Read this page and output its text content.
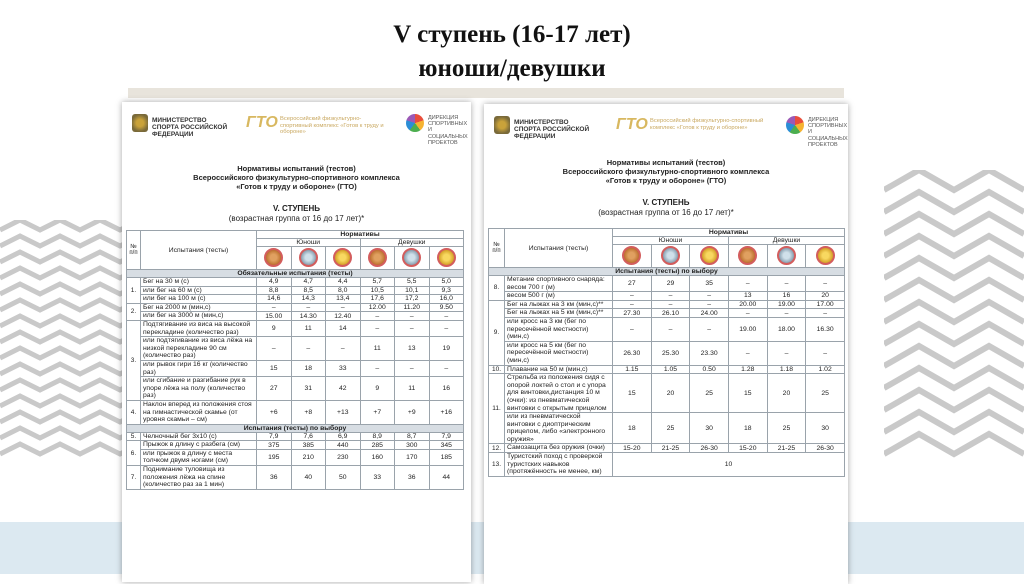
V ступень (16-17 лет)
юноши/девушки
МИНИСТЕРСТВО СПОРТА РОССИЙСКОЙ ФЕДЕРАЦИИ
ГТО Всероссийский физкультурно-спортивный комплекс «Готов к труду и обороне»
ДИРЕКЦИЯ СПОРТИВНЫХ И СОЦИАЛЬНЫХ ПРОЕКТОВ
Нормативы испытаний (тестов)
Всероссийского физкультурно-спортивного комплекса
«Готов к труду и обороне» (ГТО)
V. СТУПЕНЬ
(возрастная группа от 16 до 17 лет)*
№ п/п	Испытания (тесты)	Нормативы					
		Юноши			Девушки		

Обязательные испытания (тесты)							
1.	Бег на 30 м (с)	4,9	4,7	4,4	5,7	5,5	5,0
	или бег на 60 м (с)	8,8	8,5	8,0	10,5	10,1	9,3
	или бег на 100 м (с)	14,6	14,3	13,4	17,6	17,2	16,0
2.	Бег на 2000 м (мин,с)	–	–	–	12.00	11.20	9.50
	или бег на 3000 м (мин,с)	15.00	14.30	12.40	–	–	–
3.	Подтягивание из виса на высокой перекладине (количество раз)	9	11	14	–	–	–
	или подтягивание из виса лёжа на низкой перекладине 90 см (количество раз)	–	–	–	11	13	19
	или рывок гири 16 кг (количество раз)	15	18	33	–	–	–
	или сгибание и разгибание рук в упоре лёжа на полу (количество раз)	27	31	42	9	11	16
4.	Наклон вперед из положения стоя на гимнастической скамье (от уровня скамьи – см)	+6	+8	+13	+7	+9	+16
Испытания (тесты) по выбору							
5.	Челночный бег 3х10 (с)	7,9	7,6	6,9	8,9	8,7	7,9
6.	Прыжок в длину с разбега (см)	375	385	440	285	300	345
	или прыжок в длину с места толчком двумя ногами (см)	195	210	230	160	170	185
7.	Поднимание туловища из положения лёжа на спине (количество раз за 1 мин)	36	40	50	33	36	44
МИНИСТЕРСТВО СПОРТА РОССИЙСКОЙ ФЕДЕРАЦИИ
ГТО Всероссийский физкультурно-спортивный комплекс «Готов к труду и обороне»
ДИРЕКЦИЯ СПОРТИВНЫХ И СОЦИАЛЬНЫХ ПРОЕКТОВ
Нормативы испытаний (тестов)
Всероссийского физкультурно-спортивного комплекса
«Готов к труду и обороне» (ГТО)
V. СТУПЕНЬ
(возрастная группа от 16 до 17 лет)*
№ п/п	Испытания (тесты)	Нормативы					
		Юноши			Девушки		

Испытания (тесты) по выбору							
8.	Метание спортивного снаряда: весом 700 г (м)	27	29	35	–	–	–
	весом 500 г (м)	–	–	–	13	16	20
9.	Бег на лыжах на 3 км (мин,с)**	–	–	–	20.00	19.00	17.00
	Бег на лыжах на 5 км (мин,с)**	27.30	26.10	24.00	–	–	–
	или кросс на 3 км (бег по пересечённой местности) (мин,с)	–	–	–	19.00	18.00	16.30
	или кросс на 5 км (бег по пересечённой местности) (мин,с)	26.30	25.30	23.30	–	–	–
10.	Плавание на 50 м (мин,с)	1.15	1.05	0.50	1.28	1.18	1.02
11.	Стрельба из положения сидя с опорой локтей о стол и с упора для винтовки,дистанция 10 м (очки): из пневматической винтовки с открытым прицелом	15	20	25	15	20	25
	или из пневматической винтовки с диоптрическим прицелом, либо «электронного оружия»	18	25	30	18	25	30
12.	Самозащита без оружия (очки)	15-20	21-25	26-30	15-20	21-25	26-30
13.	Туристский поход с проверкой туристских навыков (протяжённость не менее, км)	10					
